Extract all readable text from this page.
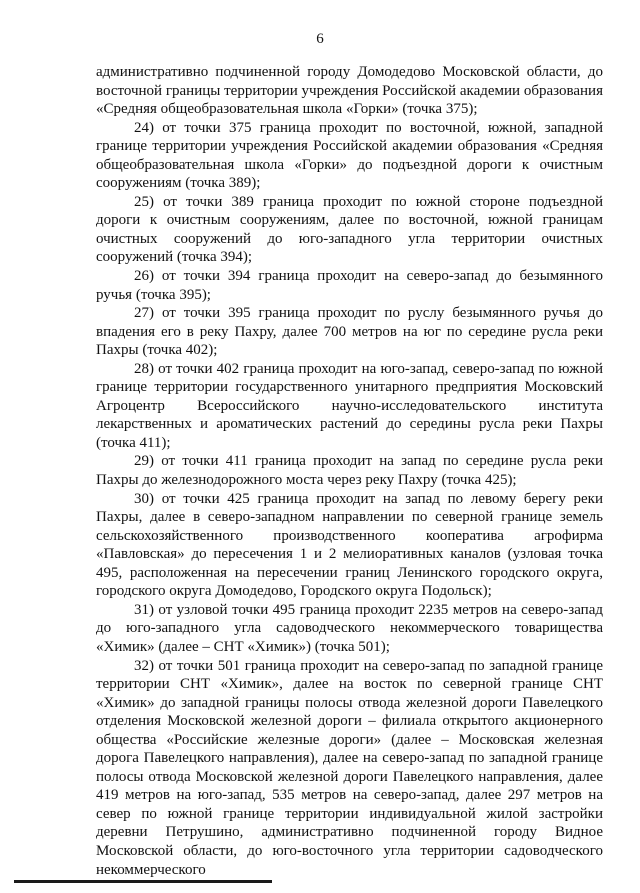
6

административно подчиненной городу Домодедово Московской области, до восточной границы территории учреждения Российской академии образования «Средняя общеобразовательная школа «Горки» (точка 375);

24) от точки 375 граница проходит по восточной, южной, западной границе территории учреждения Российской академии образования «Средняя общеобразовательная школа «Горки» до подъездной дороги к очистным сооружениям (точка 389);

25) от точки 389 граница проходит по южной стороне подъездной дороги к очистным сооружениям, далее по восточной, южной границам очистных сооружений до юго-западного угла территории очистных сооружений (точка 394);

26) от точки 394 граница проходит на северо-запад до безымянного ручья (точка 395);

27) от точки 395 граница проходит по руслу безымянного ручья до впадения его в реку Пахру, далее 700 метров на юг по середине русла реки Пахры (точка 402);

28) от точки 402 граница проходит на юго-запад, северо-запад по южной границе территории государственного унитарного предприятия Московский Агроцентр Всероссийского научно-исследовательского института лекарственных и ароматических растений до середины русла реки Пахры (точка 411);

29) от точки 411 граница проходит на запад по середине русла реки Пахры до железнодорожного моста через реку Пахру (точка 425);

30) от точки 425 граница проходит на запад по левому берегу реки Пахры, далее в северо-западном направлении по северной границе земель сельскохозяйственного производственного кооператива агрофирма «Павловская» до пересечения 1 и 2 мелиоративных каналов (узловая точка 495, расположенная на пересечении границ Ленинского городского округа, городского округа Домодедово, Городского округа Подольск);

31) от узловой точки 495 граница проходит 2235 метров на северо-запад до юго-западного угла садоводческого некоммерческого товарищества «Химик» (далее – СНТ «Химик») (точка 501);

32) от точки 501 граница проходит на северо-запад по западной границе территории СНТ «Химик», далее на восток по северной границе СНТ «Химик» до западной границы полосы отвода железной дороги Павелецкого отделения Московской железной дороги – филиала открытого акционерного общества «Российские железные дороги» (далее – Московская железная дорога Павелецкого направления), далее на северо-запад по западной границе полосы отвода Московской железной дороги Павелецкого направления, далее 419 метров на юго-запад, 535 метров на северо-запад, далее 297 метров на север по южной границе территории индивидуальной жилой застройки деревни Петрушино, административно подчиненной городу Видное Московской области, до юго-восточного угла территории садоводческого некоммерческого
